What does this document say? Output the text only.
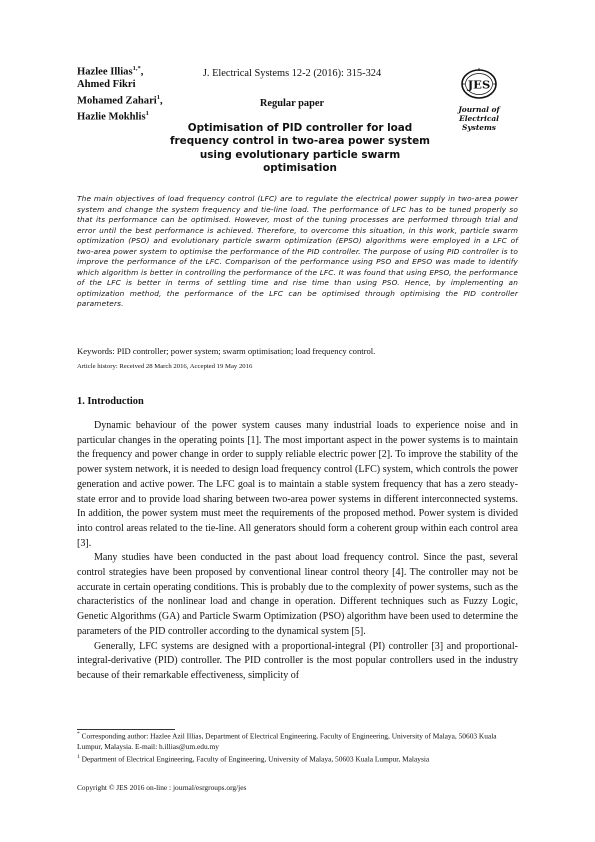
Hazlee Illias$^{1,*}$,
Ahmed Fikri
Mohamed Zahari$^1$,
Hazlie Mokhlis$^1$
J. Electrical Systems 12-2 (2016): 315-324
Regular paper
Optimisation of PID controller for load frequency control in two-area power system using evolutionary particle swarm optimisation
JES
Journal of
Electrical
Systems
The main objectives of load frequency control (LFC) are to regulate the electrical power supply in two-area power system and change the system frequency and tie-line load. The performance of LFC has to be tuned properly so that its performance can be optimised. However, most of the tuning processes are performed through trial and error until the best performance is achieved. Therefore, to overcome this situation, in this work, particle swarm optimization (PSO) and evolutionary particle swarm optimization (EPSO) algorithms were employed in a LFC of two-area power system to optimise the performance of the PID controller. The purpose of using PID controller is to improve the performance of the LFC. Comparison of the performance using PSO and EPSO was made to identify which algorithm is better in controlling the performance of the LFC. It was found that using EPSO, the performance of the LFC is better in terms of settling time and rise time than using PSO. Hence, by implementing an optimization method, the performance of the LFC can be optimised through optimising the PID controller parameters.
Keywords: PID controller; power system; swarm optimisation; load frequency control.
Article history: Received 28 March 2016, Accepted 19 May 2016
1. Introduction

Dynamic behaviour of the power system causes many industrial loads to experience noise and in particular changes in the operating points [1]. The most important aspect in the power systems is to maintain the frequency and power change in order to supply reliable electric power [2]. To improve the stability of the power system network, it is needed to design load frequency control (LFC) system, which controls the power generation and active power. The LFC goal is to maintain a stable system frequency that has a zero steady-state error and to provide load sharing between two-area power systems in different interconnected systems. In addition, the power system must meet the requirements of the proposed method. Power system is divided into control areas related to the tie-line. All generators should form a coherent group within each control area [3].

Many studies have been conducted in the past about load frequency control. Since the past, several control strategies have been proposed by conventional linear control theory [4]. The controller may not be accurate in certain operating conditions. This is probably due to the complexity of power systems, such as the characteristics of the nonlinear load and change in operation. Different techniques such as Fuzzy Logic, Genetic Algorithms (GA) and Particle Swarm Optimization (PSO) algorithm have been used to determine the parameters of the PID controller according to the dynamical system [5].

Generally, LFC systems are designed with a proportional-integral (PI) controller [3] and proportional-integral-derivative (PID) controller. The PID controller is the most popular controllers used in the industry because of their remarkable effectiveness, simplicity of

* Corresponding author: Hazlee Azil Illias, Department of Electrical Engineering, Faculty of Engineering, University of Malaya, 50603 Kuala Lumpur, Malaysia. E-mail: h.illias@um.edu.my

$^1$ Department of Electrical Engineering, Faculty of Engineering, University of Malaya, 50603 Kuala Lumpur, Malaysia

Copyright © JES 2016 on-line : journal/esrgroups.org/jes
